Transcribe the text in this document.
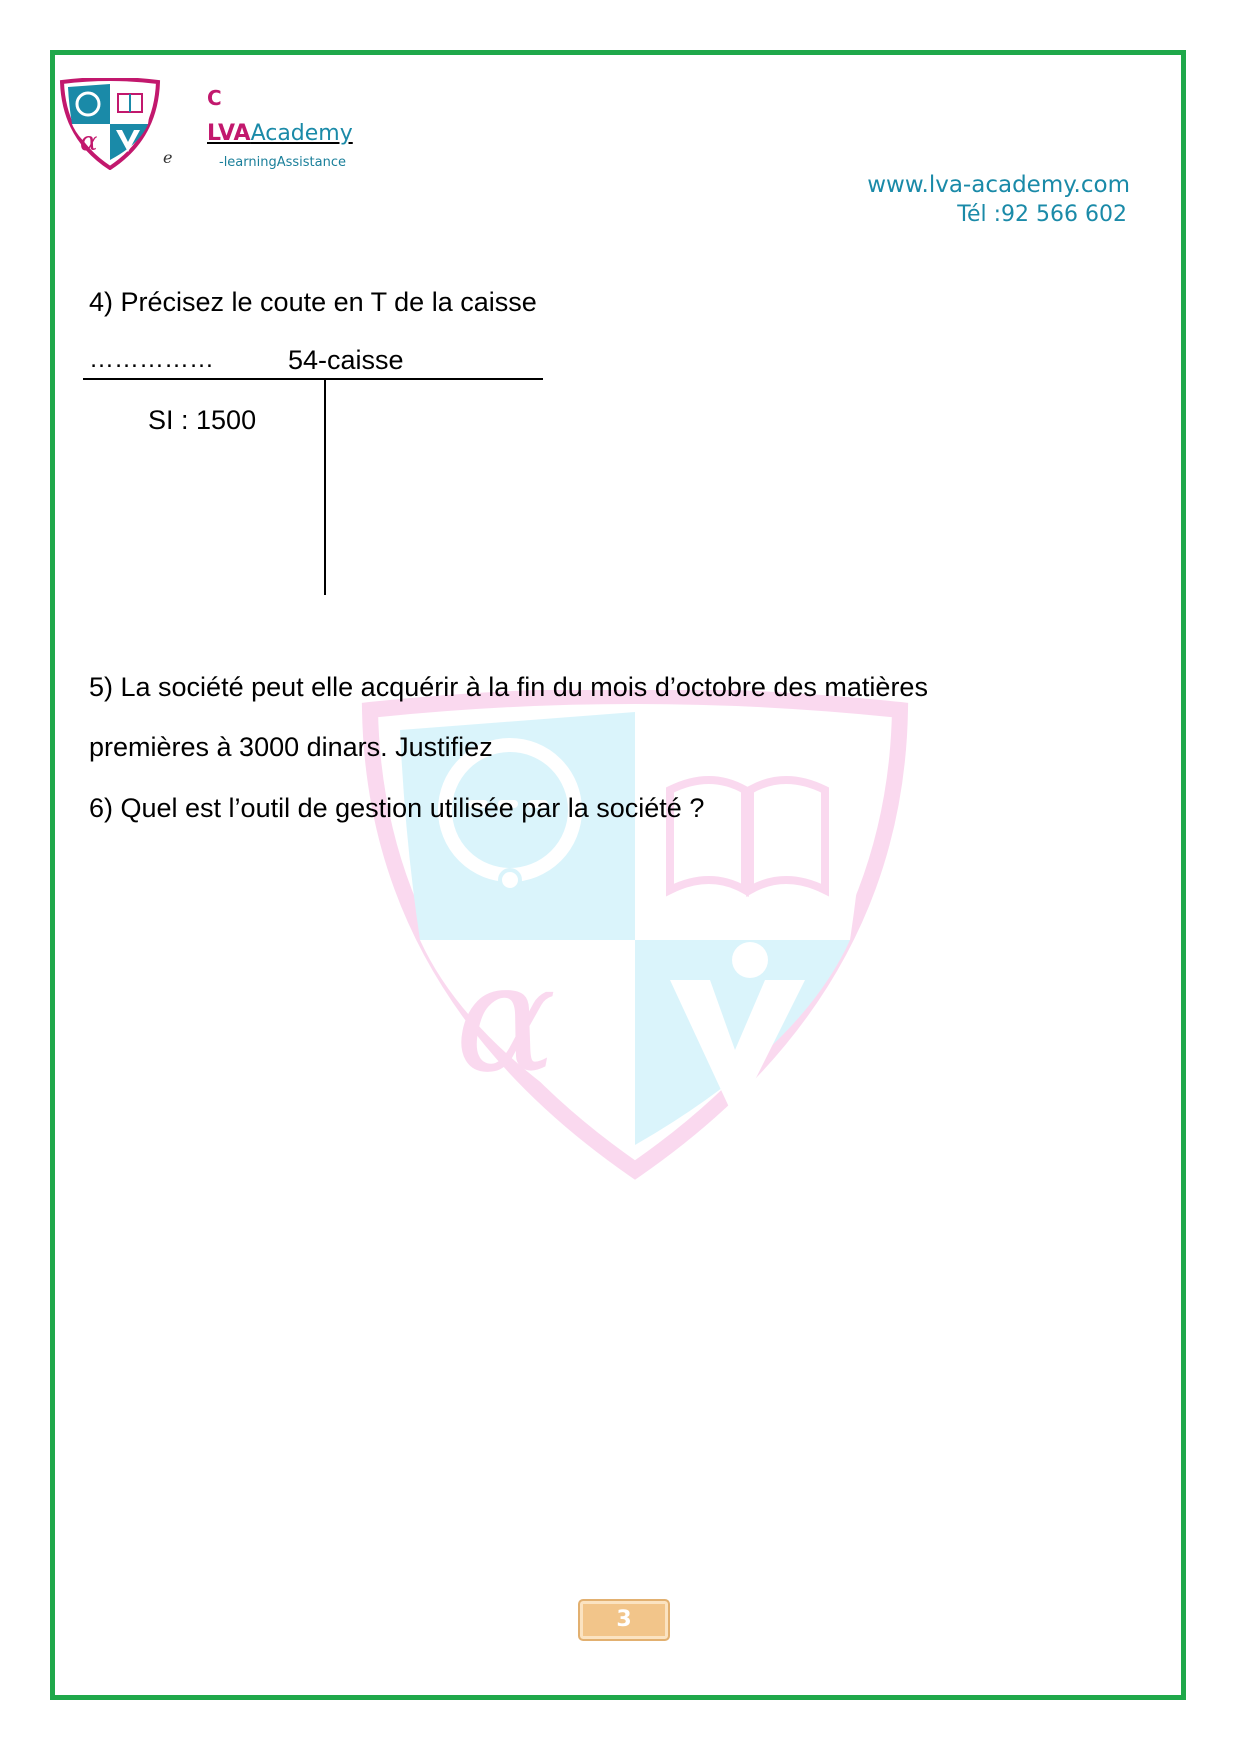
α
α
e
C
LVAAcademy
-learningAssistance
www.lva-academy.com
Tél :92 566 602
4) Précisez le coute en T de la caisse
……………	54-caisse
SI : 1500
5) La société peut elle acquérir à la fin du mois d’octobre des matières
premières à 3000 dinars. Justifiez
6) Quel est l’outil de gestion utilisée par la société ?
3
